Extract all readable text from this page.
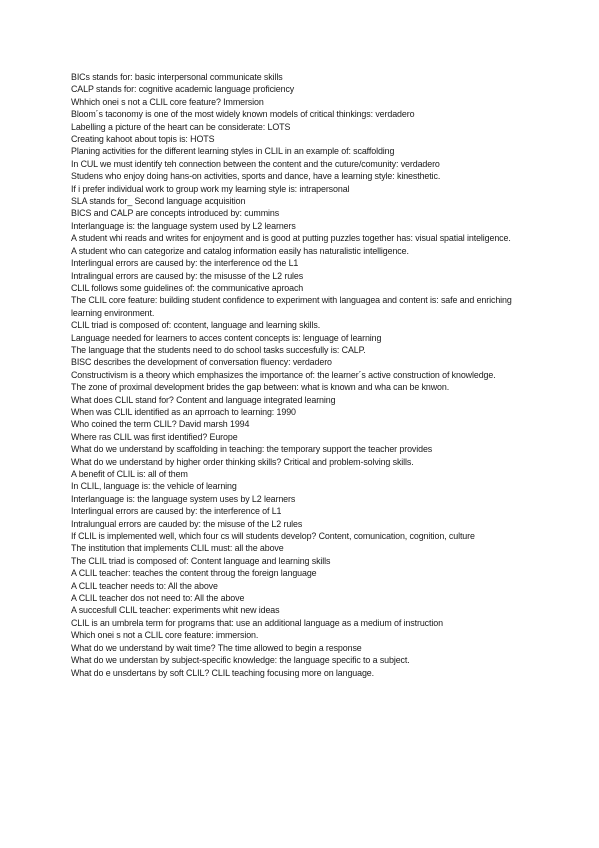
BICs stands for: basic interpersonal communicate skills
CALP stands for: cognitive academic language proficiency
Whhich onei s not a CLIL core feature? Immersion
Bloom´s taconomy is one of the most widely known models of critical thinkings: verdadero
Labelling a picture of the heart can be considerate: LOTS
Creating kahoot about topis is: HOTS
Planing activities for the different learning styles in CLIL in an example of: scaffolding
In CUL we must identify teh connection between the content and the cuture/comunity: verdadero
Studens who enjoy doing hans-on activities, sports and dance, have a learning style: kinesthetic.
If i prefer individual work to group work my learning style is: intrapersonal
SLA stands for_ Second language acquisition
BICS and CALP are concepts introduced by: cummins
Interlanguage is: the language system used by L2 learners
A student whi reads and writes for enjoyment and is good at putting puzzles together has: visual spatial inteligence.
A student who can categorize and catalog information easily has naturalistic intelligence.
Interlingual errors are caused by: the interference od the L1
Intralingual errors are caused by: the misusse of the L2 rules
CLIL follows some guidelines of: the communicative aproach
The CLIL core feature: building student confidence to experiment with languagea and content is: safe and enriching learning environment.
CLIL triad is composed of: ccontent, language and learning skills.
Language needed for learners to acces content concepts is: lenguage of learning
The language that the students need to do school tasks succesfully is: CALP.
BISC describes the development of conversation fluency: verdadero
Constructivism is a theory which emphasizes the importance of: the learner´s active construction of knowledge.
The zone of proximal development brides the gap between: what is known and wha can be knwon.
What does CLIL stand for? Content and language integrated learning
When was CLIL identified as an aprroach to learning: 1990
Who coined the term CLIL? David marsh 1994
Where ras CLIL was first identified? Europe
What do we understand by scaffolding in teaching: the temporary support the teacher provides
What do we understand by higher order thinking skills? Critical and problem-solving skills.
A benefit of CLIL is: all of them
In CLIL, language is: the vehicle of learning
Interlanguage is: the language system uses by L2 learners
Interlingual errors are caused by: the interference of L1
Intralungual errors are cauded by: the misuse of the L2 rules
If CLIL is implemented well, which four cs will students develop? Content, comunication, cognition, culture
The institution that implements CLIL must: all the above
The CLIL triad is composed of: Content language and learning skills
A CLIL teacher: teaches the content throug the foreign language
A CLIL teacher needs to: All the above
A CLIL teacher dos not need to: All the above
A succesfull CLIL teacher: experiments whit new ideas
CLIL is an umbrela term for programs that: use an additional language as a medium of instruction
Which onei s not a CLIL core feature: immersion.
What do we understand by wait time? The time allowed to begin a response
What do we understan by subject-specific knowledge: the language specific to a subject.
What do e unsdertans by soft CLIL? CLIL teaching focusing more on language.
